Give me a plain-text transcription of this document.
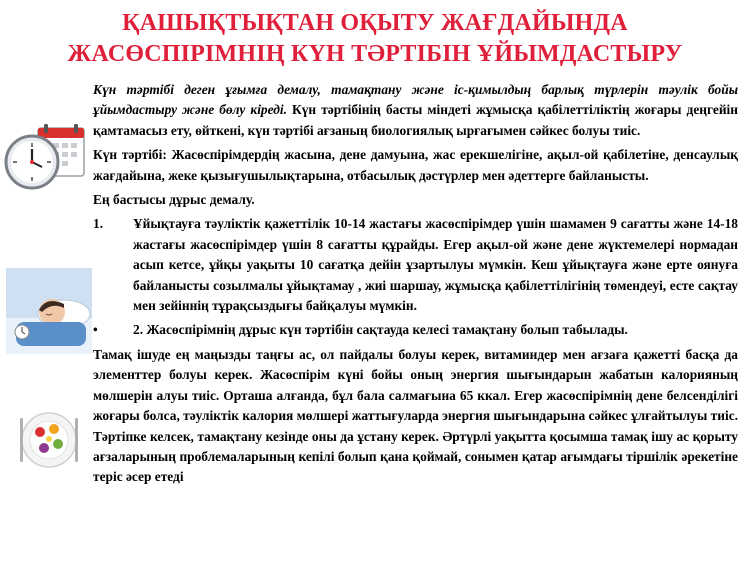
ҚАШЫҚТЫҚТАН ОҚЫТУ ЖАҒДАЙЫНДА
ЖАСӨСПІРІМНІҢ КҮН ТӘРТІБІН ҰЙЫМДАСТЫРУ

Күн тәртібі деген ұғымға демалу, тамақтану және іс-қимылдың барлық түрлерін тәулік бойы ұйымдастыру және бөлу кіреді. Күн тәртібінің басты міндеті жұмысқа қабілеттіліктің жоғары деңгейін қамтамасыз ету, өйткені, күн тәртібі ағзаның биологиялық ырғағымен сәйкес болуы тиіс.

Күн тәртібі: Жасөспірімдердің жасына, дене дамуына, жас ерекшелігіне, ақыл-ой қабілетіне, денсаулық жағдайына, жеке қызығушылықтарына, отбасылық дәстүрлер мен әдеттерге байланысты.

Ең бастысы дұрыс демалу.

1.	Ұйықтауға тәуліктік қажеттілік 10-14 жастағы жасөспірімдер үшін шамамен 9 сағатты және 14-18 жастағы жасөспірімдер үшін 8 сағатты құрайды. Егер ақыл-ой және дене жүктемелері нормадан асып кетсе, ұйқы уақыты 10 сағатқа дейін ұзартылуы мүмкін. Кеш ұйықтауға және ерте оянуға байланысты созылмалы ұйықтамау , жиі шаршау, жұмысқа қабілеттілігінің төмендеуі, есте сақтау мен зейіннің тұрақсыздығы байқалуы мүмкін.
•	2. Жасөспірімнің дұрыс күн тәртібін сақтауда келесі тамақтану болып табылады.

Тамақ ішуде ең маңызды таңғы ас, ол пайдалы болуы керек, витаминдер мен ағзаға қажетті басқа да элементтер болуы керек. Жасөспірім күні бойы оның энергия шығындарын жабатын калорияның мөлшерін алуы тиіс. Орташа алғанда, бұл бала салмағына 65 ккал. Егер жасөспірімнің дене белсенділігі жоғары болса, тәуліктік калория мөлшері жаттығуларда энергия шығындарына сәйкес ұлғайтылуы тиіс. Тәртіпке келсек, тамақтану кезінде оны да ұстану керек. Әртүрлі уақытта қосымша тамақ ішу ас қорыту ағзаларының проблемаларының кепілі болып қана қоймай, сонымен қатар ағымдағы тіршілік әрекетіне теріс әсер етеді
